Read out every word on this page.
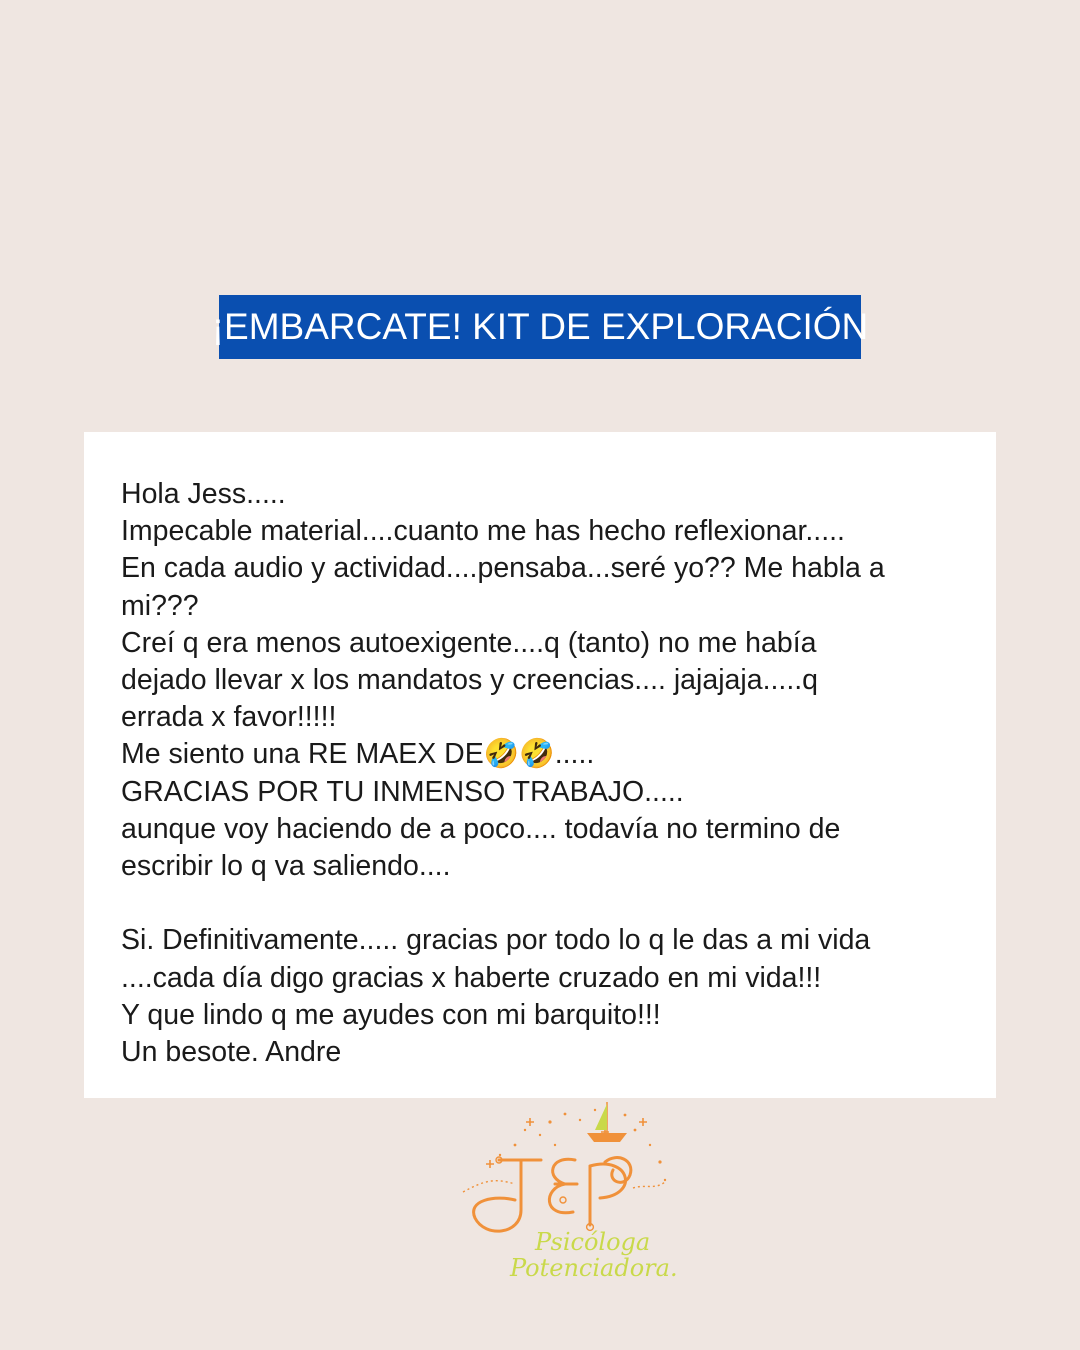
¡EMBARCATE! KIT DE EXPLORACIÓN
Hola Jess.....
Impecable material....cuanto me has hecho reflexionar.....
En cada audio y actividad....pensaba...seré yo?? Me habla a
mi???
Creí q era menos autoexigente....q (tanto) no me había
dejado llevar x los mandatos y creencias.... jajajaja.....q
errada x favor!!!!!
Me siento una RE MAEX DE🤣🤣.....
GRACIAS POR TU INMENSO TRABAJO.....
aunque voy haciendo de a poco.... todavía no termino de
escribir lo q va saliendo....
Si. Definitivamente..... gracias por todo lo q le das a mi vida
....cada día digo gracias x haberte cruzado en mi vida!!!
Y que lindo q me ayudes con mi barquito!!!
Un besote. Andre
Psicóloga
Potenciadora.
